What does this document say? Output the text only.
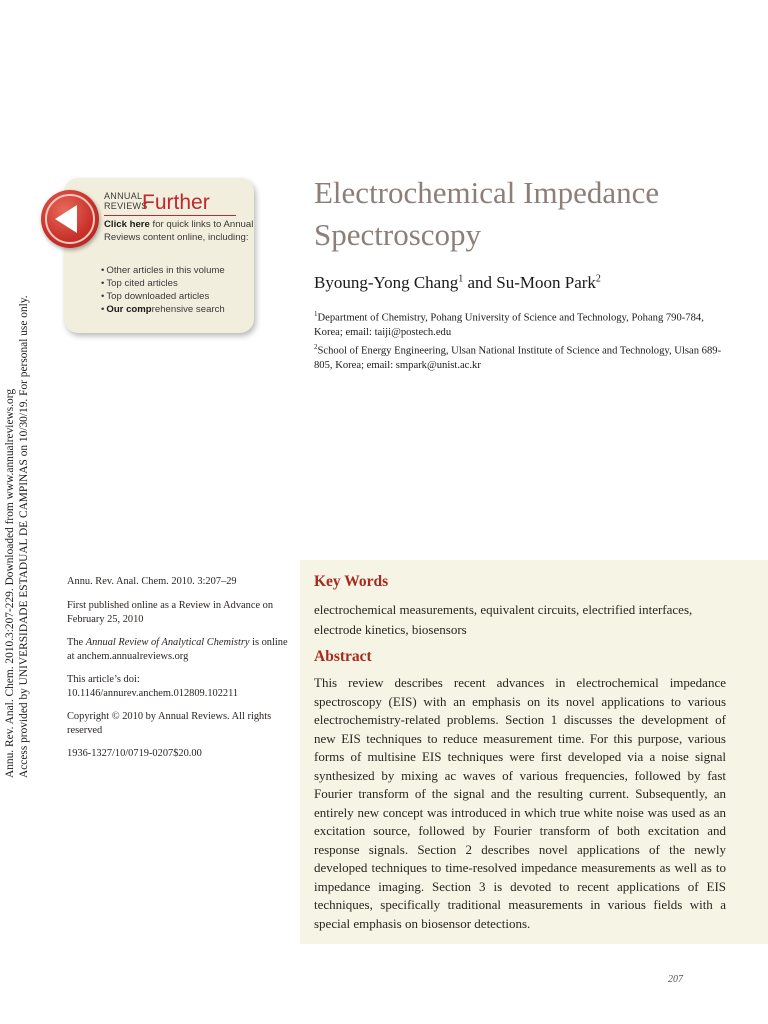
Annu. Rev. Anal. Chem. 2010.3:207-229. Downloaded from www.annualreviews.org Access provided by UNIVERSIDADE ESTADUAL DE CAMPINAS on 10/30/19. For personal use only.
ANNUAL
REVIEWS
Further
Click here for quick links to Annual Reviews content online, including:
• Other articles in this volume
• Top cited articles
• Top downloaded articles
• Our comprehensive search
Electrochemical Impedance Spectroscopy
Byoung-Yong Chang$^1$ and Su-Moon Park$^2$
$^1$Department of Chemistry, Pohang University of Science and Technology, Pohang 790-784, Korea; email: taiji@postech.edu
$^2$School of Energy Engineering, Ulsan National Institute of Science and Technology, Ulsan 689-805, Korea; email: smpark@unist.ac.kr
Annu. Rev. Anal. Chem. 2010. 3:207–29
First published online as a Review in Advance on February 25, 2010
The Annual Review of Analytical Chemistry is online at anchem.annualreviews.org
This article’s doi: 10.1146/annurev.anchem.012809.102211
Copyright © 2010 by Annual Reviews. All rights reserved
1936-1327/10/0719-0207$20.00
Key Words
electrochemical measurements, equivalent circuits, electrified interfaces, electrode kinetics, biosensors
Abstract
This review describes recent advances in electrochemical impedance spectroscopy (EIS) with an emphasis on its novel applications to various electrochemistry-related problems. Section 1 discusses the development of new EIS techniques to reduce measurement time. For this purpose, various forms of multisine EIS techniques were first developed via a noise signal synthesized by mixing ac waves of various frequencies, followed by fast Fourier transform of the signal and the resulting current. Subsequently, an entirely new concept was introduced in which true white noise was used as an excitation source, followed by Fourier transform of both excitation and response signals. Section 2 describes novel applications of the newly developed techniques to time-resolved impedance measurements as well as to impedance imaging. Section 3 is devoted to recent applications of EIS techniques, specifically traditional measurements in various fields with a special emphasis on biosensor detections.
207
